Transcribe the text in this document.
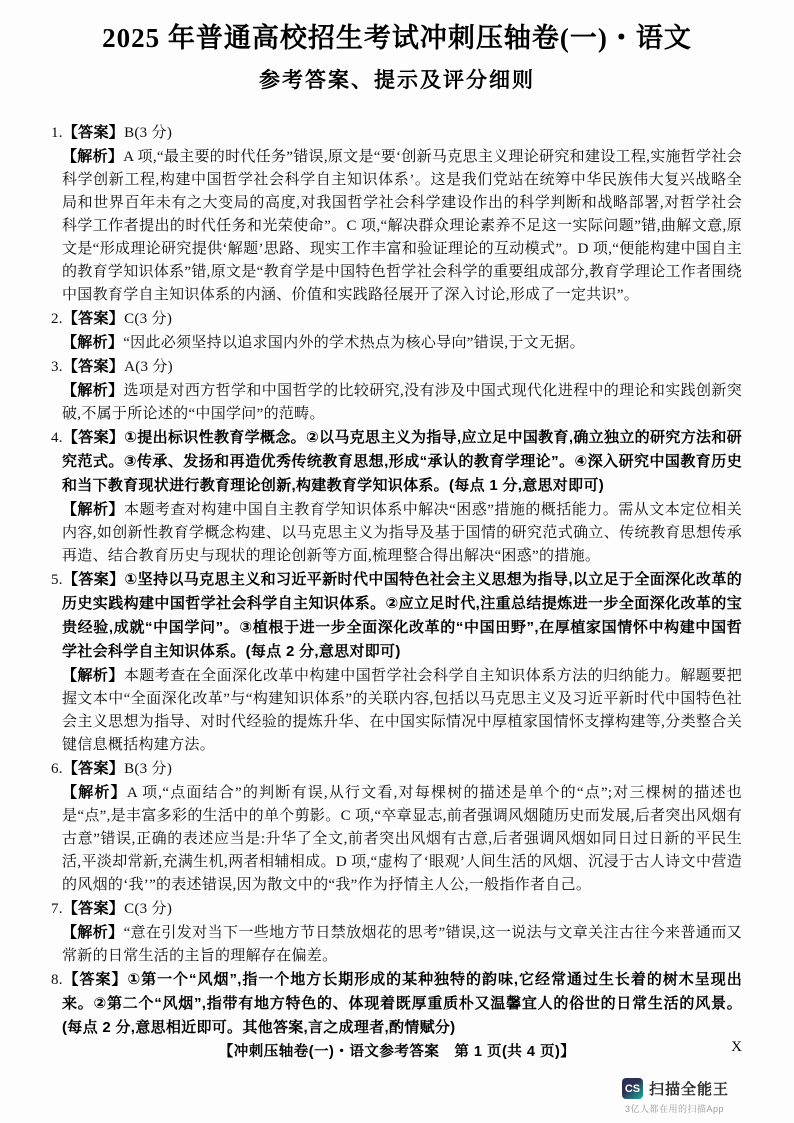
2025 年普通高校招生考试冲刺压轴卷(一)・语文
参考答案、提示及评分细则

1.【答案】B(3 分)

【解析】A 项,“最主要的时代任务”错误,原文是“要‘创新马克思主义理论研究和建设工程,实施哲学社会科学创新工程,构建中国哲学社会科学自主知识体系’。这是我们党站在统筹中华民族伟大复兴战略全局和世界百年未有之大变局的高度,对我国哲学社会科学建设作出的科学判断和战略部署,对哲学社会科学工作者提出的时代任务和光荣使命”。C 项,“解决群众理论素养不足这一实际问题”错,曲解文意,原文是“形成理论研究提供‘解题’思路、现实工作丰富和验证理论的互动模式”。D 项,“便能构建中国自主的教育学知识体系”错,原文是“教育学是中国特色哲学社会科学的重要组成部分,教育学理论工作者围绕中国教育学自主知识体系的内涵、价值和实践路径展开了深入讨论,形成了一定共识”。

2.【答案】C(3 分)

【解析】“因此必须坚持以追求国内外的学术热点为核心导向”错误,于文无据。

3.【答案】A(3 分)

【解析】选项是对西方哲学和中国哲学的比较研究,没有涉及中国式现代化进程中的理论和实践创新突破,不属于所论述的“中国学问”的范畴。

4.【答案】①提出标识性教育学概念。②以马克思主义为指导,应立足中国教育,确立独立的研究方法和研究范式。③传承、发扬和再造优秀传统教育思想,形成“承认的教育学理论”。④深入研究中国教育历史和当下教育现状进行教育理论创新,构建教育学知识体系。(每点 1 分,意思对即可)

【解析】本题考查对构建中国自主教育学知识体系中解决“困惑”措施的概括能力。需从文本定位相关内容,如创新性教育学概念构建、以马克思主义为指导及基于国情的研究范式确立、传统教育思想传承再造、结合教育历史与现状的理论创新等方面,梳理整合得出解决“困惑”的措施。

5.【答案】①坚持以马克思主义和习近平新时代中国特色社会主义思想为指导,以立足于全面深化改革的历史实践构建中国哲学社会科学自主知识体系。②应立足时代,注重总结提炼进一步全面深化改革的宝贵经验,成就“中国学问”。③植根于进一步全面深化改革的“中国田野”,在厚植家国情怀中构建中国哲学社会科学自主知识体系。(每点 2 分,意思对即可)

【解析】本题考查在全面深化改革中构建中国哲学社会科学自主知识体系方法的归纳能力。解题要把握文本中“全面深化改革”与“构建知识体系”的关联内容,包括以马克思主义及习近平新时代中国特色社会主义思想为指导、对时代经验的提炼升华、在中国实际情况中厚植家国情怀支撑构建等,分类整合关键信息概括构建方法。

6.【答案】B(3 分)

【解析】A 项,“点面结合”的判断有误,从行文看,对每棵树的描述是单个的“点”;对三棵树的描述也是“点”,是丰富多彩的生活中的单个剪影。C 项,“卒章显志,前者强调风烟随历史而发展,后者突出风烟有古意”错误,正确的表述应当是:升华了全文,前者突出风烟有古意,后者强调风烟如同日过日新的平民生活,平淡却常新,充满生机,两者相辅相成。D 项,“虚构了‘眼观’人间生活的风烟、沉浸于古人诗文中营造的风烟的‘我’”的表述错误,因为散文中的“我”作为抒情主人公,一般指作者自己。

7.【答案】C(3 分)

【解析】“意在引发对当下一些地方节日禁放烟花的思考”错误,这一说法与文章关注古往今来普通而又常新的日常生活的主旨的理解存在偏差。

8.【答案】①第一个“风烟”,指一个地方长期形成的某种独特的韵味,它经常通过生长着的树木呈现出来。②第二个“风烟”,指带有地方特色的、体现着既厚重质朴又温馨宜人的俗世的日常生活的风景。(每点 2 分,意思相近即可。其他答案,言之成理者,酌情赋分)

【冲刺压轴卷(一)・语文参考答案　第 1 页(共 4 页)】	X
CS 扫描全能王
3亿人都在用的扫描App
